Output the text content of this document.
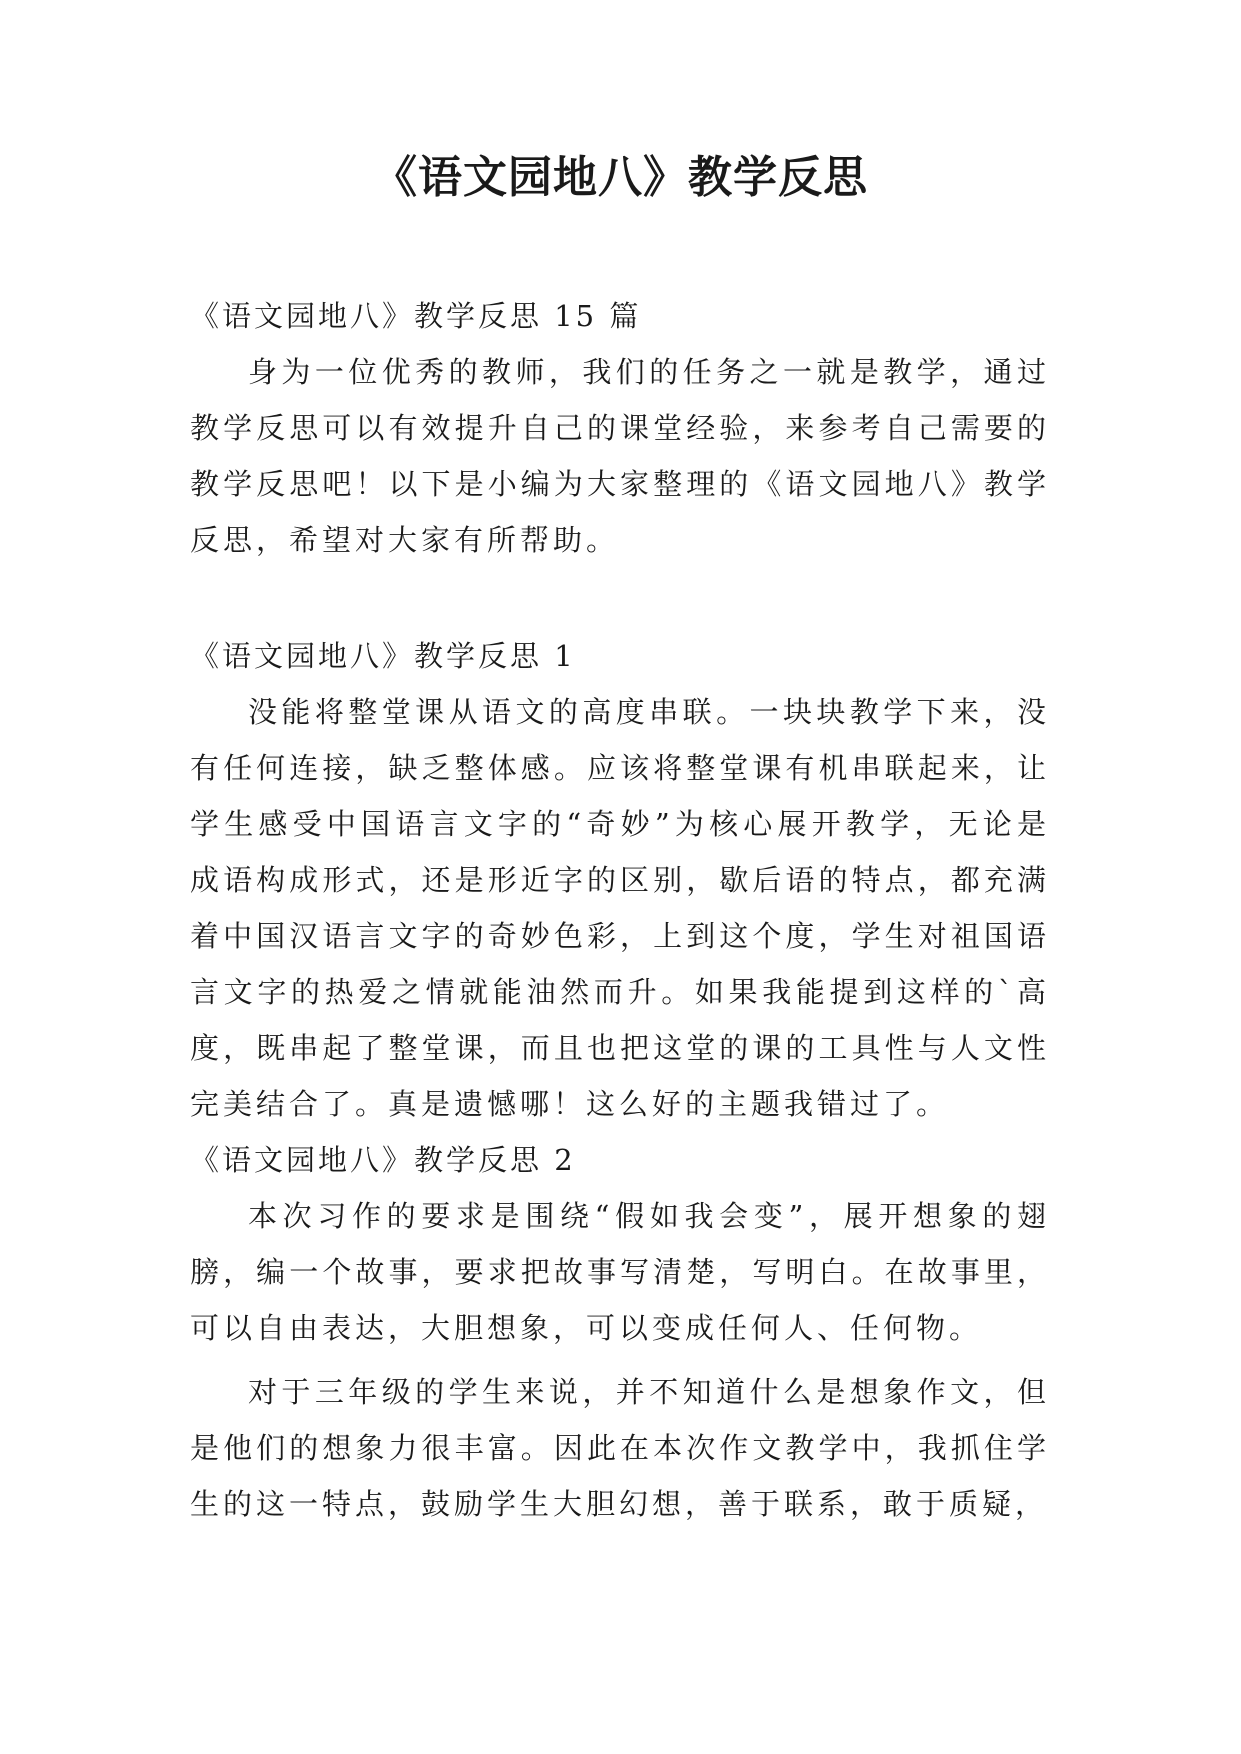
《语文园地八》教学反思

《语文园地八》教学反思 15 篇

身为一位优秀的教师，我们的任务之一就是教学，通过教学反思可以有效提升自己的课堂经验，来参考自己需要的教学反思吧！以下是小编为大家整理的《语文园地八》教学反思，希望对大家有所帮助。

《语文园地八》教学反思 1

没能将整堂课从语文的高度串联。一块块教学下来，没有任何连接，缺乏整体感。应该将整堂课有机串联起来，让学生感受中国语言文字的“奇妙”为核心展开教学，无论是成语构成形式，还是形近字的区别，歇后语的特点，都充满着中国汉语言文字的奇妙色彩，上到这个度，学生对祖国语言文字的热爱之情就能油然而升。如果我能提到这样的`高度，既串起了整堂课，而且也把这堂的课的工具性与人文性完美结合了。真是遗憾哪！这么好的主题我错过了。

《语文园地八》教学反思 2

本次习作的要求是围绕“假如我会变”，展开想象的翅膀，编一个故事，要求把故事写清楚，写明白。在故事里，可以自由表达，大胆想象，可以变成任何人、任何物。

对于三年级的学生来说，并不知道什么是想象作文，但是他们的想象力很丰富。因此在本次作文教学中，我抓住学生的这一特点，鼓励学生大胆幻想，善于联系，敢于质疑，
